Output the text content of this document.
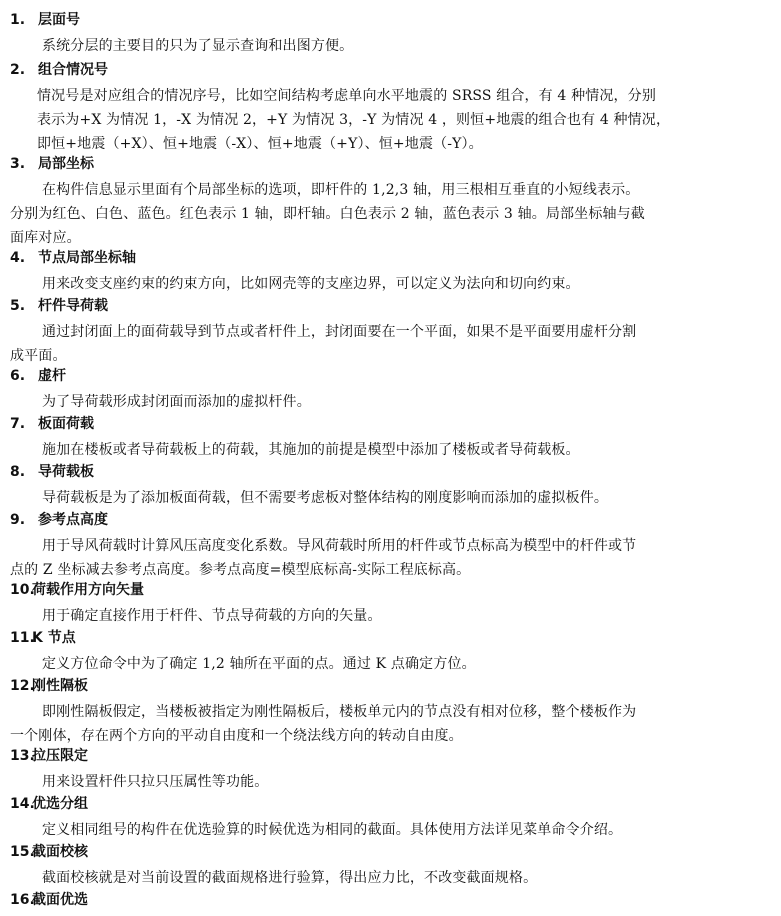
1. 层面号
系统分层的主要目的只为了显示查询和出图方便。
2. 组合情况号
情况号是对应组合的情况序号，比如空间结构考虑单向水平地震的 SRSS 组合，有 4 种情况，分别
表示为+X 为情况 1，-X 为情况 2，+Y 为情况 3，-Y 为情况 4 ，则恒+地震的组合也有 4 种情况，
即恒+地震（+X）、恒+地震（-X）、恒+地震（+Y）、恒+地震（-Y）。
3. 局部坐标
在构件信息显示里面有个局部坐标的选项，即杆件的 1,2,3 轴，用三根相互垂直的小短线表示。
分别为红色、白色、蓝色。红色表示 1 轴，即杆轴。白色表示 2 轴，蓝色表示 3 轴。局部坐标轴与截
面库对应。
4. 节点局部坐标轴
用来改变支座约束的约束方向，比如网壳等的支座边界，可以定义为法向和切向约束。
5. 杆件导荷载
通过封闭面上的面荷载导到节点或者杆件上，封闭面要在一个平面，如果不是平面要用虚杆分割
成平面。
6. 虚杆
为了导荷载形成封闭面而添加的虚拟杆件。
7. 板面荷载
施加在楼板或者导荷载板上的荷载，其施加的前提是模型中添加了楼板或者导荷载板。
8. 导荷载板
导荷载板是为了添加板面荷载，但不需要考虑板对整体结构的刚度影响而添加的虚拟板件。
9. 参考点高度
用于导风荷载时计算风压高度变化系数。导风荷载时所用的杆件或节点标高为模型中的杆件或节
点的 Z 坐标减去参考点高度。参考点高度=模型底标高-实际工程底标高。
10.荷载作用方向矢量
用于确定直接作用于杆件、节点导荷载的方向的矢量。
11.K 节点
定义方位命令中为了确定 1,2 轴所在平面的点。通过 K 点确定方位。
12.刚性隔板
即刚性隔板假定，当楼板被指定为刚性隔板后，楼板单元内的节点没有相对位移，整个楼板作为
一个刚体，存在两个方向的平动自由度和一个绕法线方向的转动自由度。
13.拉压限定
用来设置杆件只拉只压属性等功能。
14.优选分组
定义相同组号的构件在优选验算的时候优选为相同的截面。具体使用方法详见菜单命令介绍。
15.截面校核
截面校核就是对当前设置的截面规格进行验算，得出应力比，不改变截面规格。
16.截面优选
